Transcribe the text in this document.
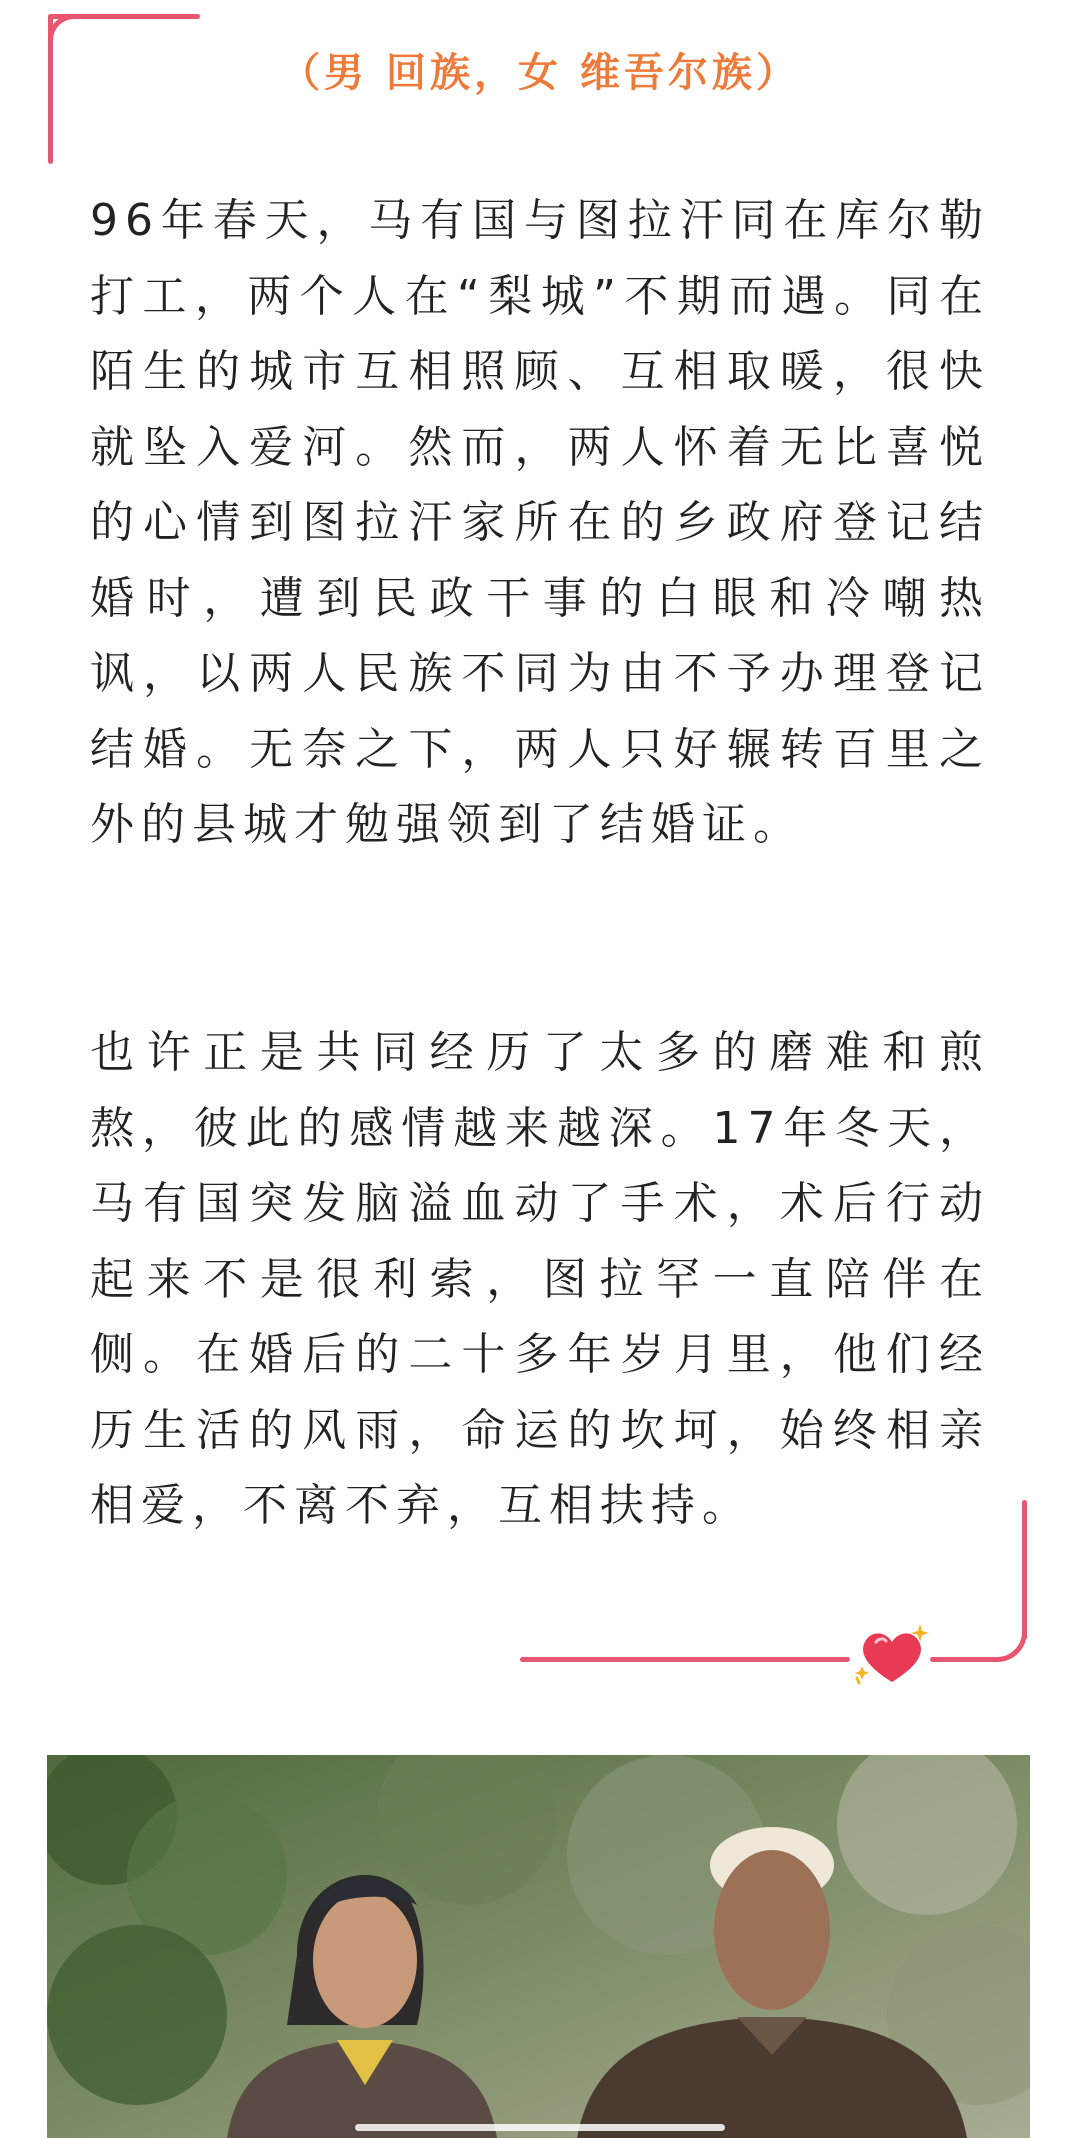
（男 回族，女 维吾尔族）

96年春天，马有国与图拉汗同在库尔勒打工，两个人在“梨城”不期而遇。同在陌生的城市互相照顾、互相取暖，很快就坠入爱河。然而，两人怀着无比喜悦的心情到图拉汗家所在的乡政府登记结婚时，遭到民政干事的白眼和冷嘲热讽，以两人民族不同为由不予办理登记结婚。无奈之下，两人只好辗转百里之外的县城才勉强领到了结婚证。

也许正是共同经历了太多的磨难和煎熬，彼此的感情越来越深。17年冬天，马有国突发脑溢血动了手术，术后行动起来不是很利索，图拉罕一直陪伴在侧。在婚后的二十多年岁月里，他们经历生活的风雨，命运的坎坷，始终相亲相爱，不离不弃，互相扶持。
